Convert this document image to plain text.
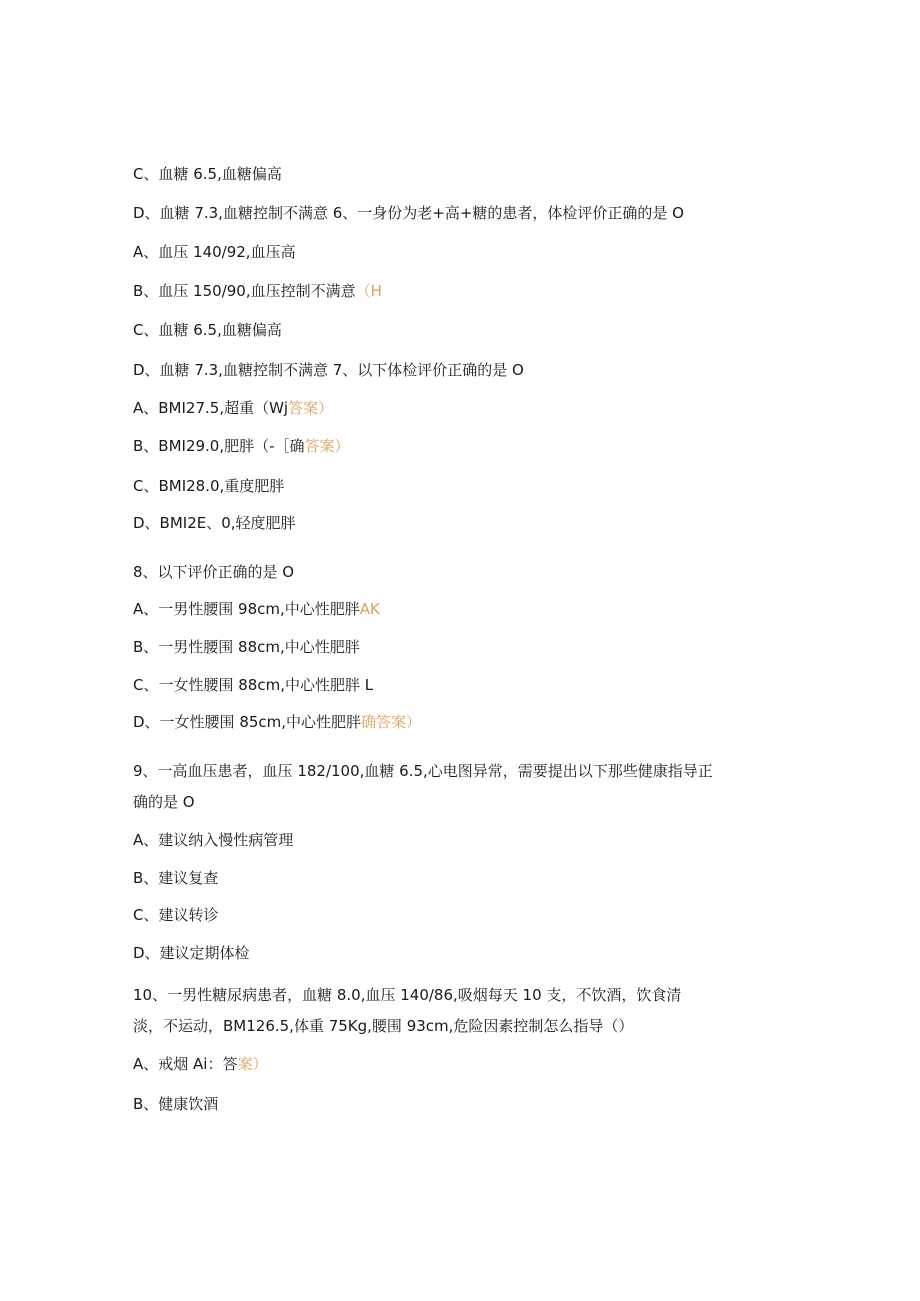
C、血糖 6.5,血糖偏高
D、血糖 7.3,血糖控制不满意 6、一身份为老+高+糖的患者，体检评价正确的是 O
A、血压 140/92,血压高
B、血压 150/90,血压控制不满意（H
C、血糖 6.5,血糖偏高
D、血糖 7.3,血糖控制不满意 7、以下体检评价正确的是 O
A、BMI27.5,超重（Wj答案）
B、BMI29.0,肥胖（-［确答案）
C、BMI28.0,重度肥胖
D、BMI2E、0,轻度肥胖
8、以下评价正确的是 O
A、一男性腰围 98cm,中心性肥胖AK
B、一男性腰围 88cm,中心性肥胖
C、一女性腰围 88cm,中心性肥胖 L
D、一女性腰围 85cm,中心性肥胖确答案）
9、一高血压患者，血压 182/100,血糖 6.5,心电图异常，需要提出以下那些健康指导正
确的是 O
A、建议纳入慢性病管理
B、建议复查
C、建议转诊
D、建议定期体检
10、一男性糖尿病患者，血糖 8.0,血压 140/86,吸烟每天 10 支，不饮酒，饮食清
淡，不运动，BM126.5,体重 75Kg,腰围 93cm,危险因素控制怎么指导（）
A、戒烟 Ai：答案）
B、健康饮酒
